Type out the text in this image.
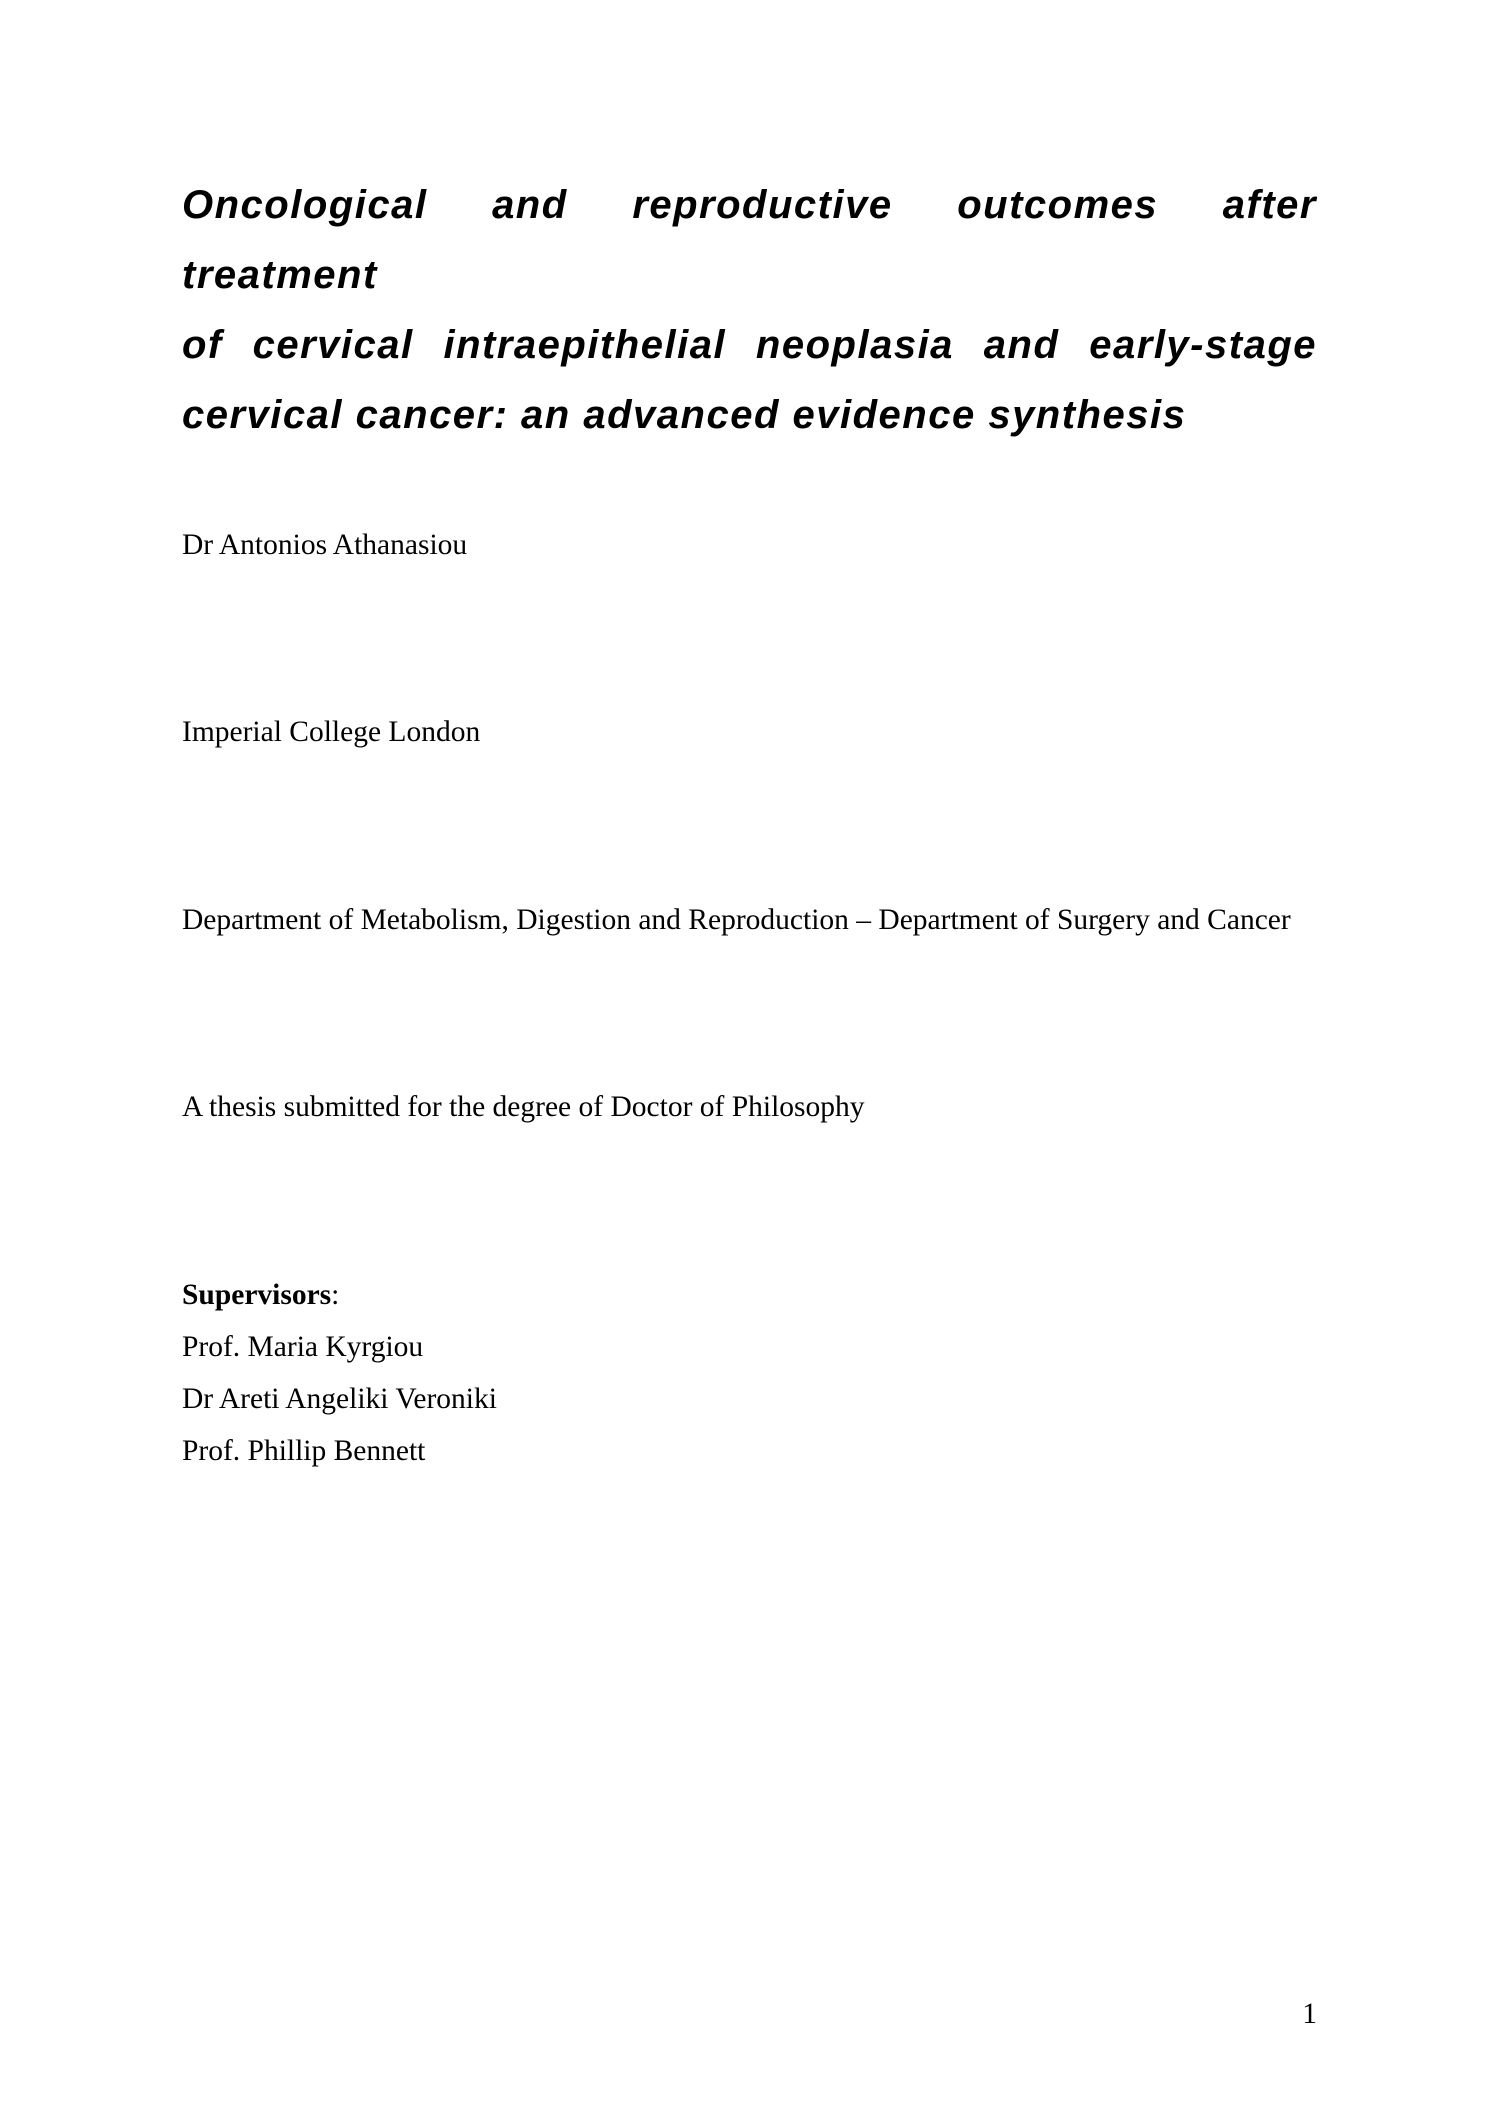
Oncological and reproductive outcomes after treatment
of cervical intraepithelial neoplasia and early-stage
cervical cancer: an advanced evidence synthesis

Dr Antonios Athanasiou

Imperial College London

Department of Metabolism, Digestion and Reproduction – Department of Surgery and Cancer

A thesis submitted for the degree of Doctor of Philosophy

Supervisors:
Prof. Maria Kyrgiou
Dr Areti Angeliki Veroniki
Prof. Phillip Bennett
1
